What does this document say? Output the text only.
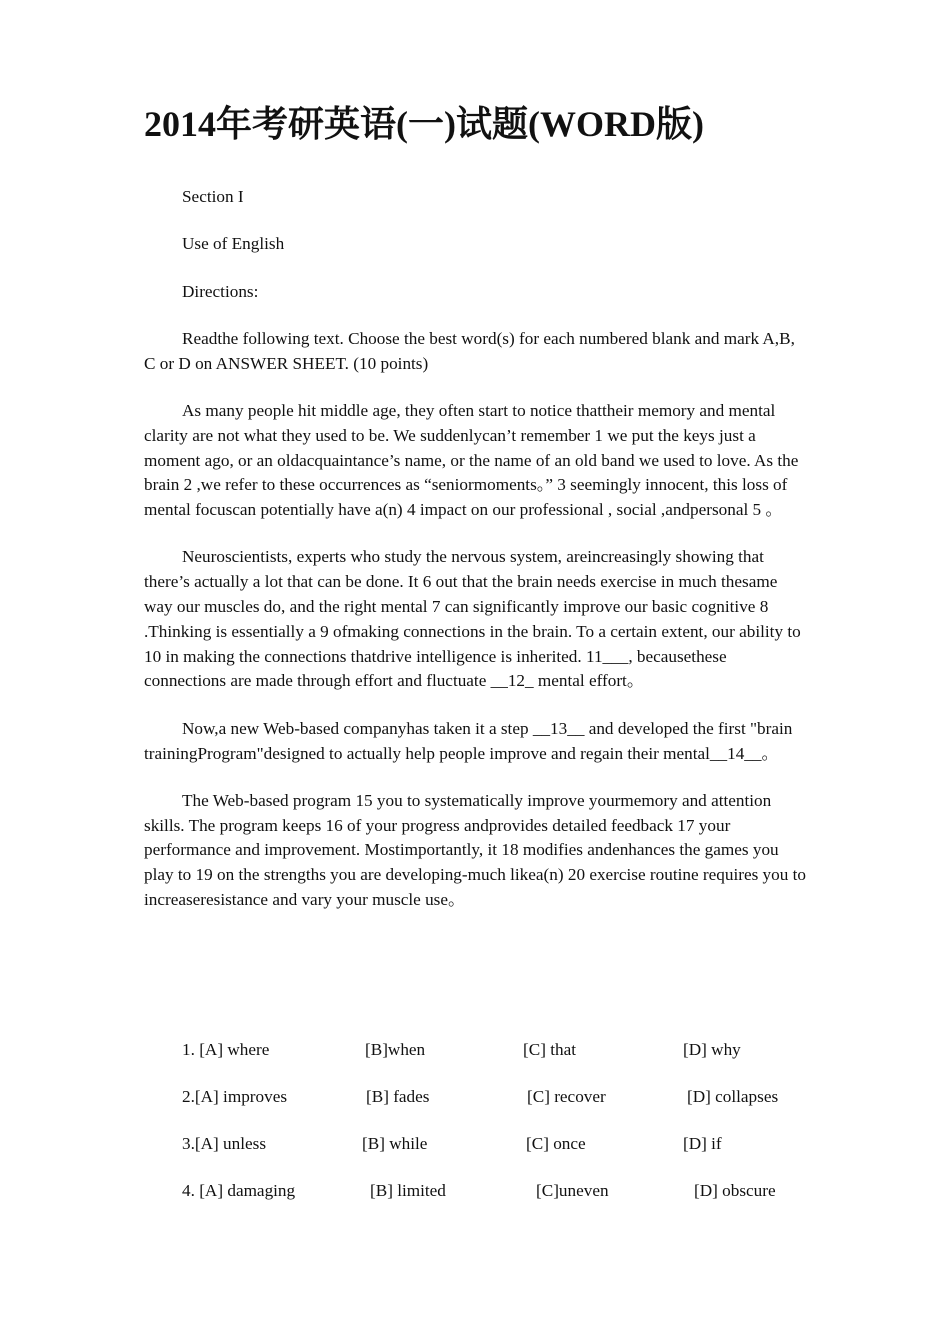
2014年考研英语(一)试题(WORD版)

Section I

Use of English

Directions:

Readthe following text. Choose the best word(s) for each numbered blank and mark A,B, C or D on ANSWER SHEET. (10 points)

As many people hit middle age, they often start to notice thattheir memory and mental clarity are not what they used to be. We suddenlycan’t remember 1 we put the keys just a moment ago, or an oldacquaintance’s name, or the name of an old band we used to love. As the brain 2 ,we refer to these occurrences as “seniormoments。” 3 seemingly innocent, this loss of mental focuscan potentially have a(n) 4 impact on our professional , social ,andpersonal 5 。

Neuroscientists, experts who study the nervous system, areincreasingly showing that there’s actually a lot that can be done. It 6 out that the brain needs exercise in much thesame way our muscles do, and the right mental 7 can significantly improve our basic cognitive 8 .Thinking is essentially a 9 ofmaking connections in the brain. To a certain extent, our ability to 10 in making the connections thatdrive intelligence is inherited. 11___, becausethese connections are made through effort and fluctuate __12_ mental effort。

Now,a new Web-based companyhas taken it a step __13__ and developed the first "brain trainingProgram"designed to actually help people improve and regain their mental__14__。

The Web-based program 15 you to systematically improve yourmemory and attention skills. The program keeps 16 of your progress andprovides detailed feedback 17 your performance and improvement. Mostimportantly, it 18 modifies andenhances the games you play to 19 on the strengths you are developing-much likea(n) 20 exercise routine requires you to increaseresistance and vary your muscle use。

1. [A] where	[B]when	[C] that	[D] why
2.[A] improves	[B] fades	[C] recover	[D] collapses
3.[A] unless	[B] while	[C] once	[D] if
4. [A] damaging	[B] limited	[C]uneven	[D] obscure
